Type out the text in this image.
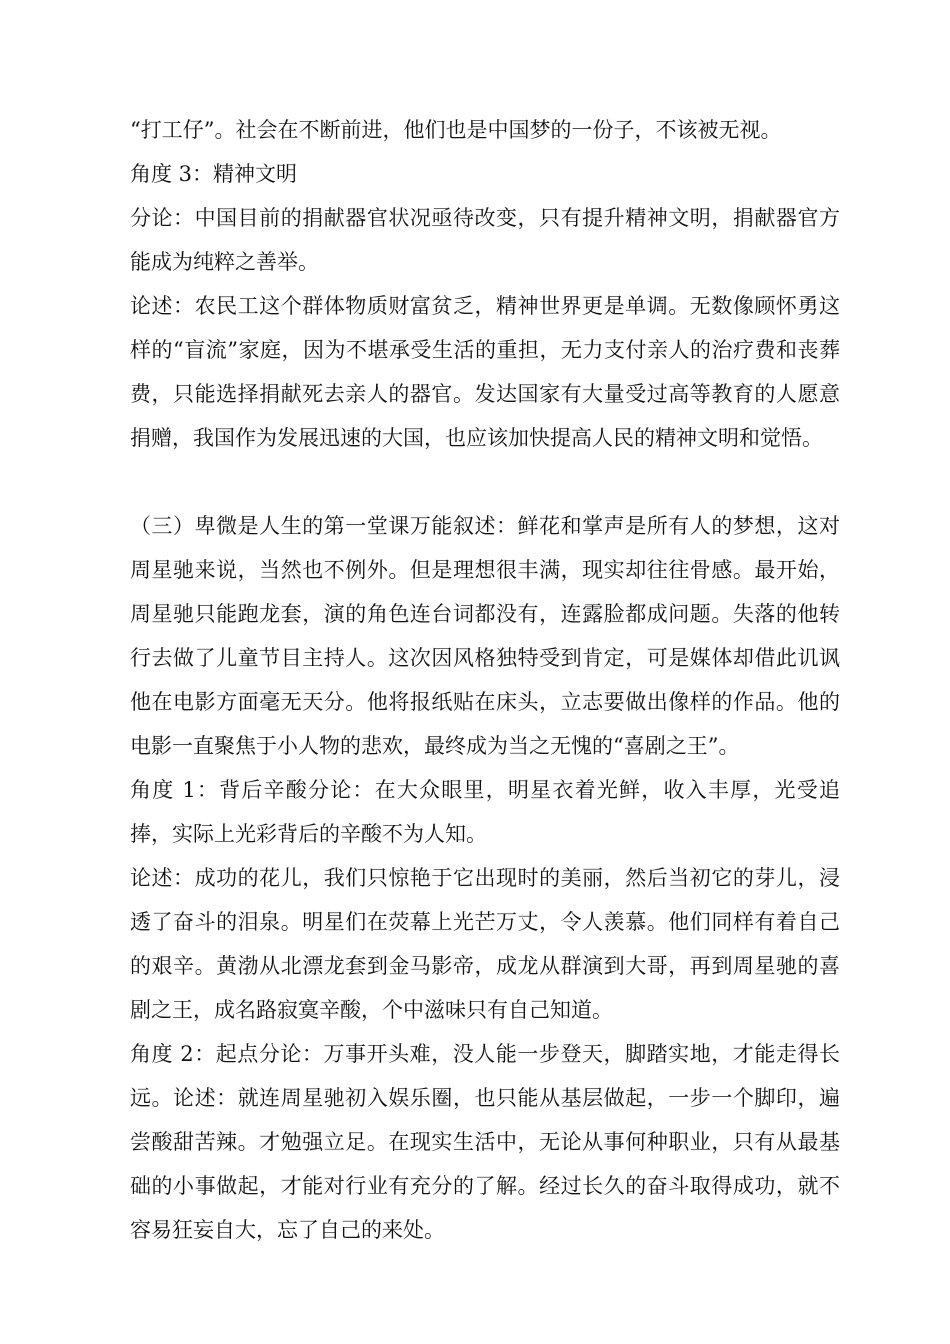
“打工仔”。社会在不断前进，他们也是中国梦的一份子，不该被无视。

角度 3：精神文明

分论：中国目前的捐献器官状况亟待改变，只有提升精神文明，捐献器官方能成为纯粹之善举。

论述：农民工这个群体物质财富贫乏，精神世界更是单调。无数像顾怀勇这样的“盲流”家庭，因为不堪承受生活的重担，无力支付亲人的治疗费和丧葬费，只能选择捐献死去亲人的器官。发达国家有大量受过高等教育的人愿意捐赠，我国作为发展迅速的大国，也应该加快提高人民的精神文明和觉悟。

（三）卑微是人生的第一堂课万能叙述：鲜花和掌声是所有人的梦想，这对周星驰来说，当然也不例外。但是理想很丰满，现实却往往骨感。最开始，周星驰只能跑龙套，演的角色连台词都没有，连露脸都成问题。失落的他转行去做了儿童节目主持人。这次因风格独特受到肯定，可是媒体却借此讥讽他在电影方面毫无天分。他将报纸贴在床头，立志要做出像样的作品。他的电影一直聚焦于小人物的悲欢，最终成为当之无愧的“喜剧之王”。

角度 1：背后辛酸分论：在大众眼里，明星衣着光鲜，收入丰厚，光受追捧，实际上光彩背后的辛酸不为人知。

论述：成功的花儿，我们只惊艳于它出现时的美丽，然后当初它的芽儿，浸透了奋斗的泪泉。明星们在荧幕上光芒万丈，令人羡慕。他们同样有着自己的艰辛。黄渤从北漂龙套到金马影帝，成龙从群演到大哥，再到周星驰的喜剧之王，成名路寂寞辛酸，个中滋味只有自己知道。

角度 2：起点分论：万事开头难，没人能一步登天，脚踏实地，才能走得长远。论述：就连周星驰初入娱乐圈，也只能从基层做起，一步一个脚印，遍尝酸甜苦辣。才勉强立足。在现实生活中，无论从事何种职业，只有从最基础的小事做起，才能对行业有充分的了解。经过长久的奋斗取得成功，就不容易狂妄自大，忘了自己的来处。
